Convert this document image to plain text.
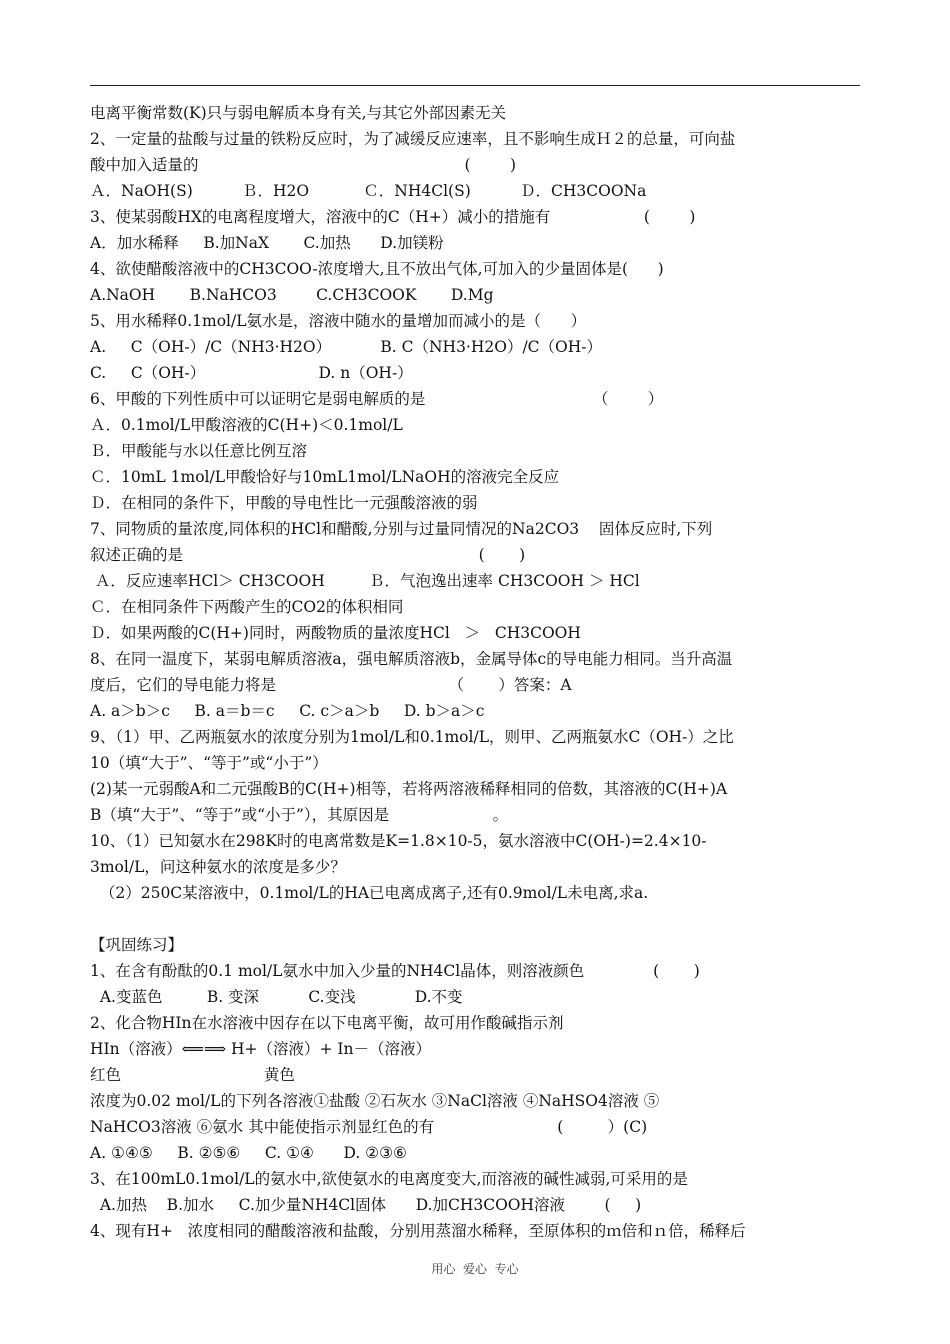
电离平衡常数(K)只与弱电解质本身有关,与其它外部因素无关
2、一定量的盐酸与过量的铁粉反应时，为了减缓反应速率，且不影响生成Ｈ２的总量，可向盐
酸中加入适量的                                                      (        )
Ａ．NaOH(S)          Ｂ．H2O           Ｃ．NH4Cl(S)          Ｄ．CH3COONa
3、使某弱酸HX的电离程度增大，溶液中的C（H+）减小的措施有                   (        )
A．加水稀释     B.加NaX       C.加热      D.加镁粉
4、欲使醋酸溶液中的CH3COO-浓度增大,且不放出气体,可加入的少量固体是(      )
A.NaOH       B.NaHCO3        C.CH3COOK       D.Mg
5、用水稀释0.1mol/L氨水是，溶液中随水的量增加而减小的是（      ）
A.     C（OH-）/C（NH3·H2O）          B. C（NH3·H2O）/C（OH-）
C.     C（OH-）                       D. n（OH-）
6、甲酸的下列性质中可以证明它是弱电解质的是                                  （        ）
Ａ．0.1mol/L甲酸溶液的C(H+)＜0.1mol/L
Ｂ．甲酸能与水以任意比例互溶
Ｃ．10mL 1mol/L甲酸恰好与10mL1mol/LNaOH的溶液完全反应
Ｄ．在相同的条件下，甲酸的导电性比一元强酸溶液的弱
7、同物质的量浓度,同体积的HCl和醋酸,分别与过量同情况的Na2CO3    固体反应时,下列
叙述正确的是                                                            (       )
Ａ．反应速率HCl＞ CH3COOH         Ｂ．气泡逸出速率 CH3COOH ＞ HCl
Ｃ．在相同条件下两酸产生的CO2的体积相同
Ｄ．如果两酸的C(H+)同时，两酸物质的量浓度HCl   ＞   CH3COOH
8、在同一温度下，某弱电解质溶液a，强电解质溶液b，金属导体c的导电能力相同。当升高温
度后，它们的导电能力将是                                   （       ）答案：A
A. a＞b＞c     B. a＝b＝c     C. c＞a＞b     D. b＞a＞c
9、（1）甲、乙两瓶氨水的浓度分别为1mol/L和0.1mol/L，则甲、乙两瓶氨水C（OH-）之比
10（填“大于”、“等于”或“小于”）
(2)某一元弱酸A和二元强酸B的C(H+)相等，若将两溶液稀释相同的倍数，其溶液的C(H+)A
B（填“大于”、“等于”或“小于”），其原因是                     。
10、（1）已知氨水在298K时的电离常数是K=1.8×10-5，氨水溶液中C(OH-)=2.4×10-
3mol/L，问这种氨水的浓度是多少？
（2）250C某溶液中，0.1mol/L的HA已电离成离子,还有0.9mol/L未电离,求a.
【巩固练习】
1、在含有酚酞的0.1 mol/L氨水中加入少量的NH4Cl晶体，则溶液颜色              (       )
A.变蓝色         B. 变深          C.变浅            D.不变
2、化合物HIn在水溶液中因存在以下电离平衡，故可用作酸碱指示剂
HIn（溶液）⟸⟹ H+（溶液）+ In－（溶液）
红色                             黄色
浓度为0.02 mol/L的下列各溶液①盐酸 ②石灰水 ③NaCl溶液 ④NaHSO4溶液 ⑤
NaHCO3溶液 ⑥氨水 其中能使指示剂显红色的有                         (         ）(C)
A. ①④⑤     B. ②⑤⑥     C. ①④      D. ②③⑥
3、在100mL0.1mol/L的氨水中,欲使氨水的电离度变大,而溶液的碱性减弱,可采用的是
A.加热    B.加水     C.加少量NH4Cl固体      D.加CH3COOH溶液        (     )
4、现有H+   浓度相同的醋酸溶液和盐酸，分别用蒸溜水稀释，至原体积的ｍ倍和ｎ倍，稀释后
用心  爱心  专心
